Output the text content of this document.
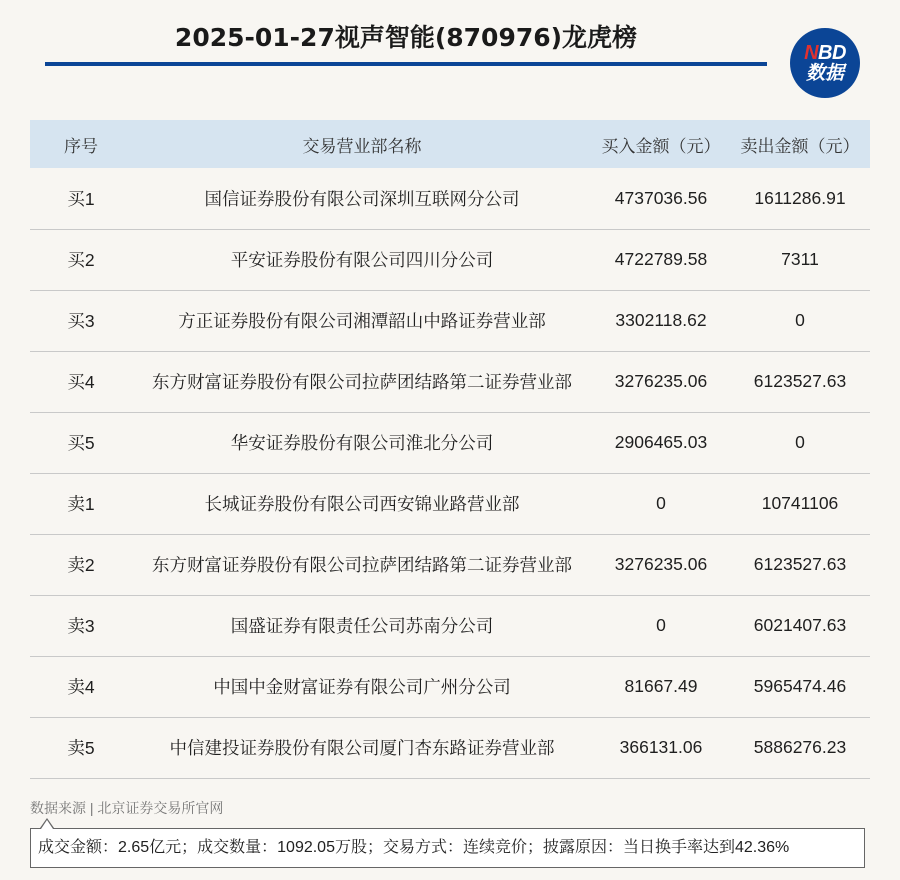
2025-01-27视声智能(870976)龙虎榜
NBD
数据
序号	交易营业部名称	买入金额（元）	卖出金额（元）
买1	国信证券股份有限公司深圳互联网分公司	4737036.56	1611286.91
买2	平安证券股份有限公司四川分公司	4722789.58	7311
买3	方正证券股份有限公司湘潭韶山中路证券营业部	3302118.62	0
买4	东方财富证券股份有限公司拉萨团结路第二证券营业部	3276235.06	6123527.63
买5	华安证券股份有限公司淮北分公司	2906465.03	0
卖1	长城证券股份有限公司西安锦业路营业部	0	10741106
卖2	东方财富证券股份有限公司拉萨团结路第二证券营业部	3276235.06	6123527.63
卖3	国盛证券有限责任公司苏南分公司	0	6021407.63
卖4	中国中金财富证券有限公司广州分公司	81667.49	5965474.46
卖5	中信建投证券股份有限公司厦门杏东路证券营业部	366131.06	5886276.23
数据来源 | 北京证券交易所官网
成交金额：2.65亿元；成交数量：1092.05万股；交易方式：连续竞价；披露原因：当日换手率达到42.36%
